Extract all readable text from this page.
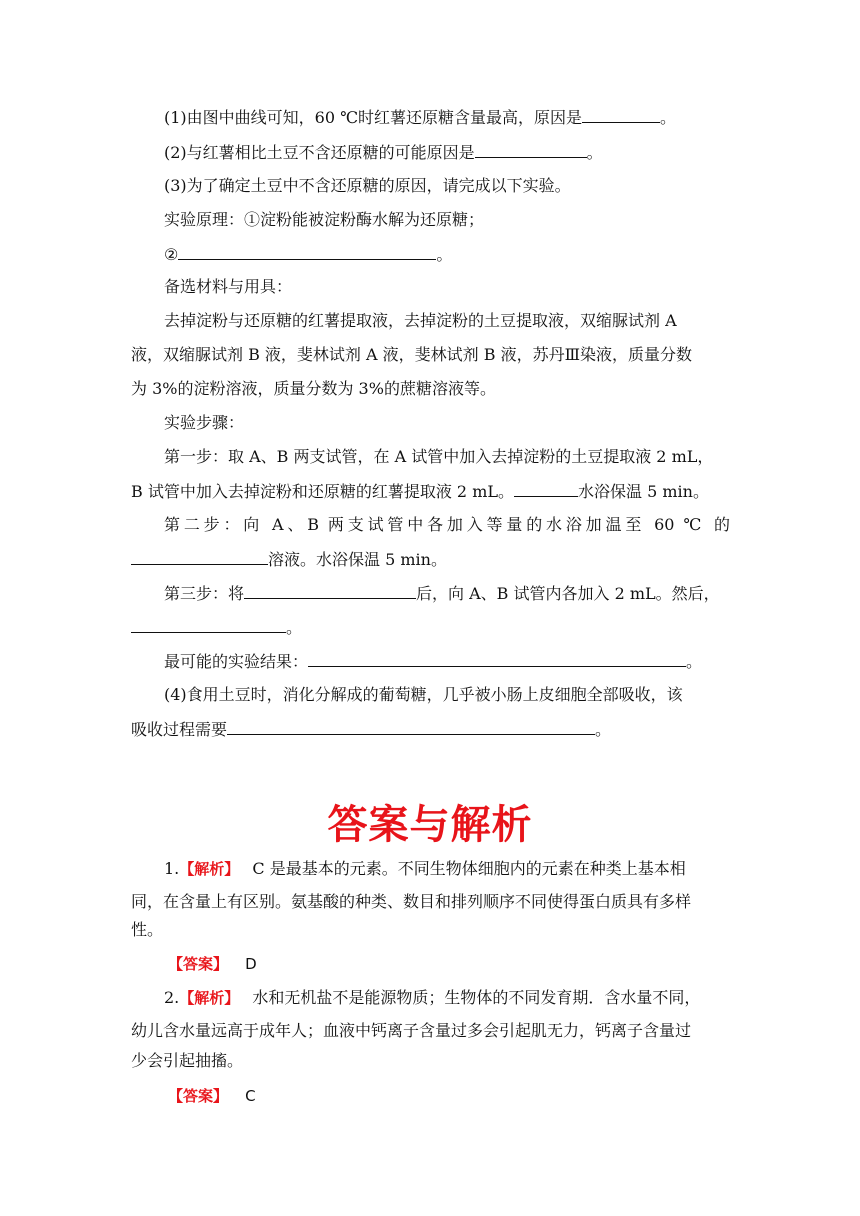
(1)由图中曲线可知，60 ℃时红薯还原糖含量最高，原因是	。
(2)与红薯相比土豆不含还原糖的可能原因是	。
(3)为了确定土豆中不含还原糖的原因，请完成以下实验。
实验原理：①淀粉能被淀粉酶水解为还原糖；
②	。
备选材料与用具：
去掉淀粉与还原糖的红薯提取液，去掉淀粉的土豆提取液，双缩脲试剂 A
液，双缩脲试剂 B 液，斐林试剂 A 液，斐林试剂 B 液，苏丹Ⅲ染液，质量分数
为 3%的淀粉溶液，质量分数为 3%的蔗糖溶液等。
实验步骤：
第一步：取 A、B 两支试管，在 A 试管中加入去掉淀粉的土豆提取液 2 mL，
B 试管中加入去掉淀粉和还原糖的红薯提取液 2 mL。	水浴保温 5 min。
第二步：向 A、B 两支试管中各加入等量的水浴加温至 60 ℃ 的
溶液。水浴保温 5 min。
第三步：将	后，向 A、B 试管内各加入 2 mL。然后，
。
最可能的实验结果：	。
(4)食用土豆时，消化分解成的葡萄糖，几乎被小肠上皮细胞全部吸收，该
吸收过程需要	。
答案与解析
1.【解析】 C 是最基本的元素。不同生物体细胞内的元素在种类上基本相
同，在含量上有区别。氨基酸的种类、数目和排列顺序不同使得蛋白质具有多样
性。
【答案】 D
2.【解析】 水和无机盐不是能源物质；生物体的不同发育期．含水量不同，
幼儿含水量远高于成年人；血液中钙离子含量过多会引起肌无力，钙离子含量过
少会引起抽搐。
【答案】 C
